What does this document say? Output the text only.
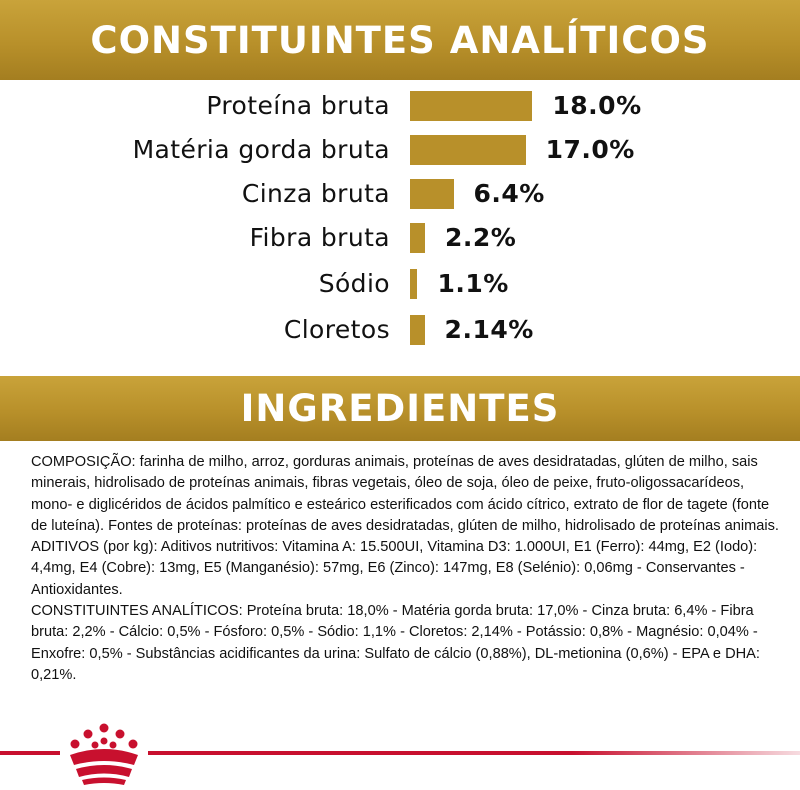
CONSTITUINTES ANALÍTICOS
Proteína bruta	18.0%
Matéria gorda bruta	17.0%
Cinza bruta	6.4%
Fibra bruta 2.2%
Sódio 1.1%
Cloretos 2.14%
INGREDIENTES

COMPOSIÇÃO: farinha de milho, arroz, gorduras animais, proteínas de aves desidratadas, glúten de milho, sais minerais, hidrolisado de proteínas animais, fibras vegetais, óleo de soja, óleo de peixe, fruto-oligossacarídeos, mono- e diglicéridos de ácidos palmítico e esteárico esterificados com ácido cítrico, extrato de flor de tagete (fonte de luteína). Fontes de proteínas: proteínas de aves desidratadas, glúten de milho, hidrolisado de proteínas animais.

ADITIVOS (por kg): Aditivos nutritivos: Vitamina A: 15.500UI, Vitamina D3: 1.000UI, E1 (Ferro): 44mg, E2 (Iodo): 4,4mg, E4 (Cobre): 13mg, E5 (Manganésio): 57mg, E6 (Zinco): 147mg, E8 (Selénio): 0,06mg - Conservantes - Antioxidantes.

CONSTITUINTES ANALÍTICOS: Proteína bruta: 18,0% - Matéria gorda bruta: 17,0% - Cinza bruta: 6,4% - Fibra bruta: 2,2% - Cálcio: 0,5% - Fósforo: 0,5% - Sódio: 1,1% - Cloretos: 2,14% - Potássio: 0,8% - Magnésio: 0,04% - Enxofre: 0,5% - Substâncias acidificantes da urina: Sulfato de cálcio (0,88%), DL-metionina (0,6%) - EPA e DHA: 0,21%.
